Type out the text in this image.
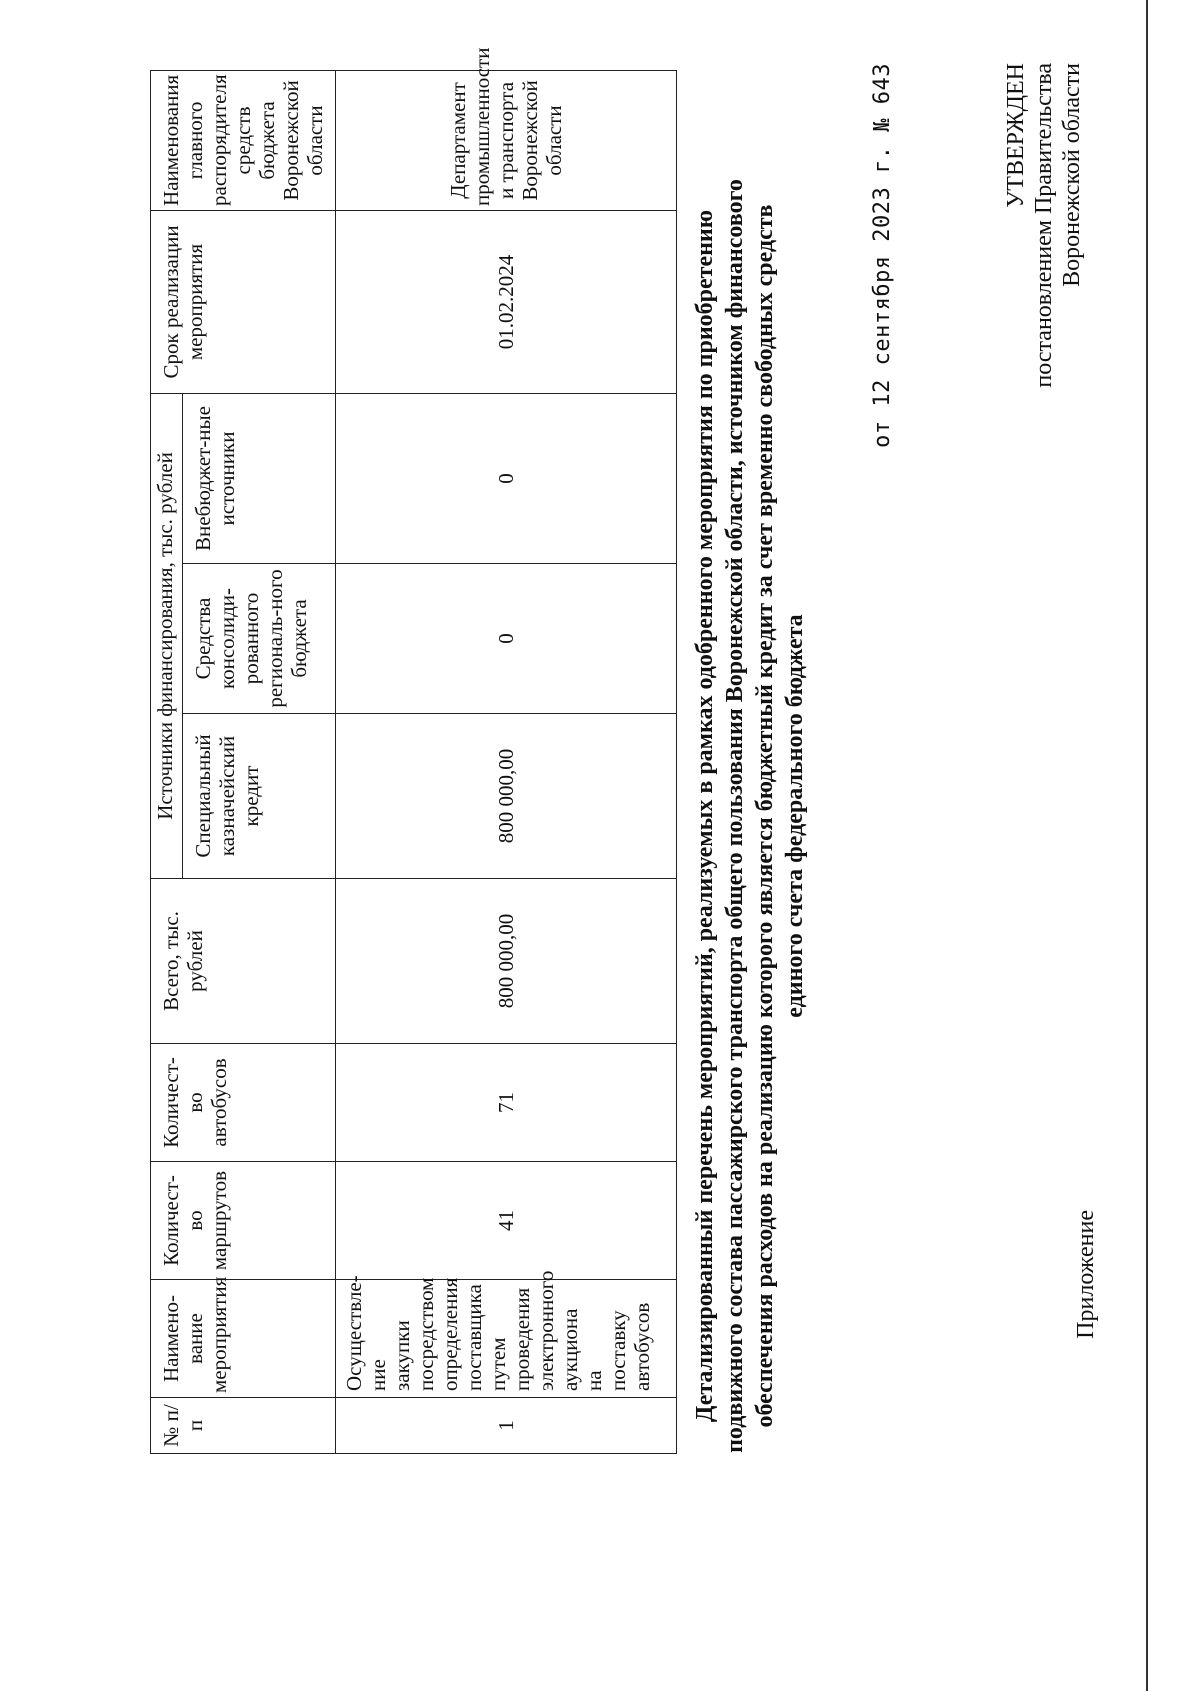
Приложение
УТВЕРЖДЕН постановлением Правительства Воронежской области
от 12 сентября 2023 г. № 643
Детализированный перечень мероприятий, реализуемых в рамках одобренного мероприятия по приобретению подвижного состава пассажирского транспорта общего пользования Воронежской области, источником финансового обеспечения расходов на реализацию которого является бюджетный кредит за счет временно свободных средств единого счета федерального бюджета
№ п/п	Наимено-вание мероприятия	Количест-во маршрутов	Количест-во автобусов	Всего, тыс. рублей	Источники финансирования, тыс. рублей			Срок реализации мероприятия	Наименования главного распорядителя средств бюджета Воронежской области
					Специальный казначейский кредит	Средства консолиди-рованного региональ-ного бюджета	Внебюджет-ные источники		
1	Осуществле-ние закупки посредством определения поставщика путем проведения электронного аукциона на поставку автобусов	41	71	800 000,00	800 000,00	0	0	01.02.2024	Департамент промышленности и транспорта Воронежской области
